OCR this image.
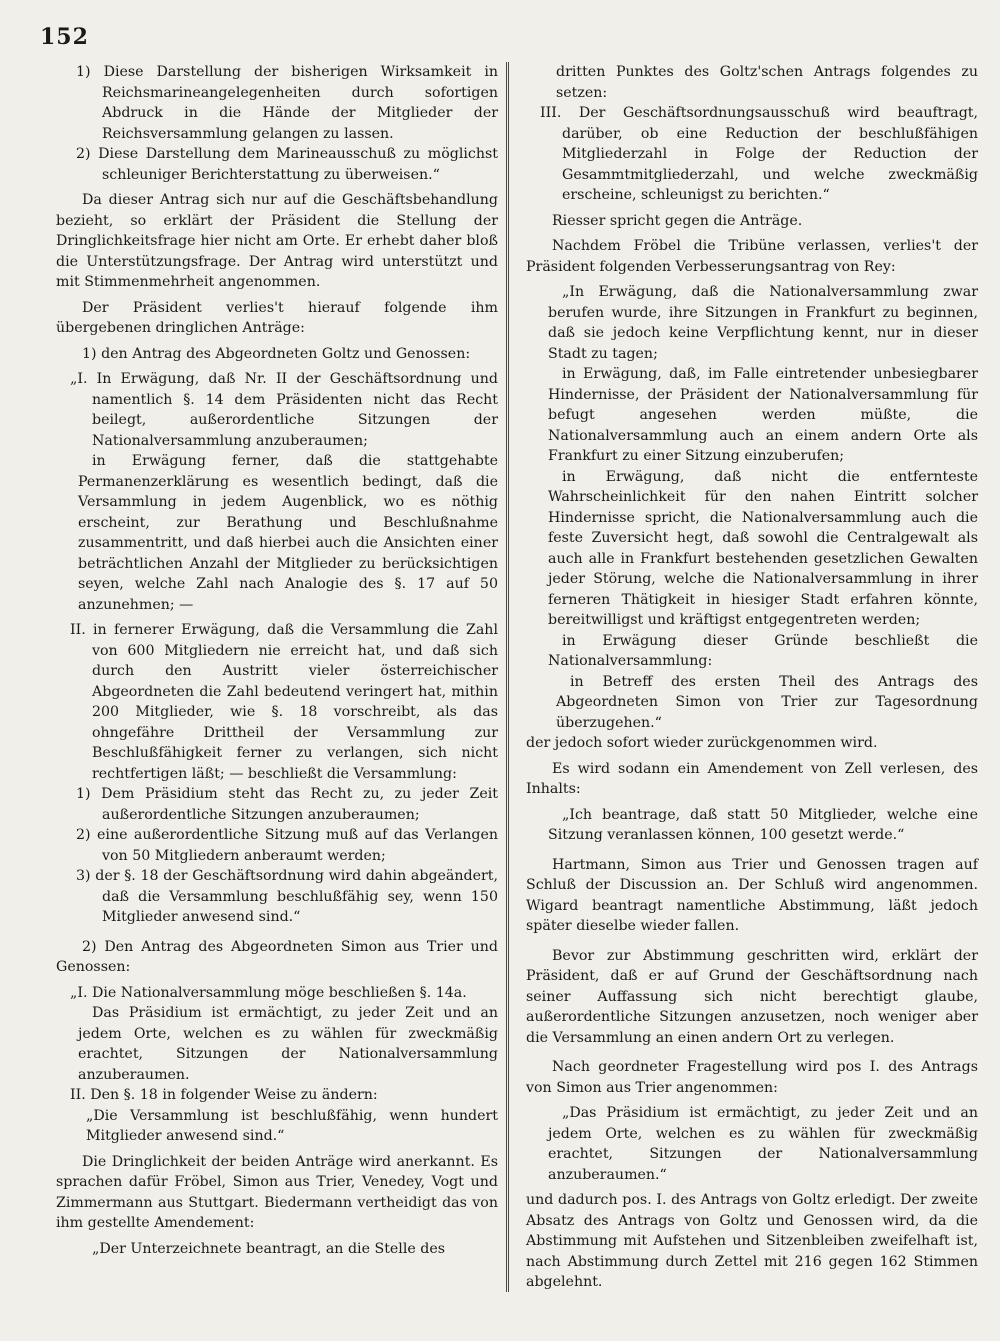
152

1) Diese Darstellung der bisherigen Wirksamkeit in Reichsmarineangelegenheiten durch sofortigen Abdruck in die Hände der Mitglieder der Reichsversammlung gelangen zu lassen.

2) Diese Darstellung dem Marineausschuß zu möglichst schleuniger Berichterstattung zu überweisen.“

Da dieser Antrag sich nur auf die Geschäftsbehandlung bezieht, so erklärt der Präsident die Stellung der Dringlichkeitsfrage hier nicht am Orte. Er erhebt daher bloß die Unterstützungsfrage. Der Antrag wird unterstützt und mit Stimmenmehrheit angenommen.

Der Präsident verlies't hierauf folgende ihm übergebenen dringlichen Anträge:

1) den Antrag des Abgeordneten Goltz und Genossen:

„I. In Erwägung, daß Nr. II der Geschäftsordnung und namentlich §. 14 dem Präsidenten nicht das Recht beilegt, außerordentliche Sitzungen der Nationalversammlung anzuberaumen;

in Erwägung ferner, daß die stattgehabte Permanenzerklärung es wesentlich bedingt, daß die Versammlung in jedem Augenblick, wo es nöthig erscheint, zur Berathung und Beschlußnahme zusammentritt, und daß hierbei auch die Ansichten einer beträchtlichen Anzahl der Mitglieder zu berücksichtigen seyen, welche Zahl nach Analogie des §. 17 auf 50 anzunehmen; —

II. in fernerer Erwägung, daß die Versammlung die Zahl von 600 Mitgliedern nie erreicht hat, und daß sich durch den Austritt vieler österreichischer Abgeordneten die Zahl bedeutend veringert hat, mithin 200 Mitglieder, wie §. 18 vorschreibt, als das ohngefähre Drittheil der Versammlung zur Beschlußfähigkeit ferner zu verlangen, sich nicht rechtfertigen läßt; — beschließt die Versammlung:

1) Dem Präsidium steht das Recht zu, zu jeder Zeit außerordentliche Sitzungen anzuberaumen;

2) eine außerordentliche Sitzung muß auf das Verlangen von 50 Mitgliedern anberaumt werden;

3) der §. 18 der Geschäftsordnung wird dahin abgeändert, daß die Versammlung beschlußfähig sey, wenn 150 Mitglieder anwesend sind.“

2) Den Antrag des Abgeordneten Simon aus Trier und Genossen:

„I. Die Nationalversammlung möge beschließen §. 14a.

Das Präsidium ist ermächtigt, zu jeder Zeit und an jedem Orte, welchen es zu wählen für zweckmäßig erachtet, Sitzungen der Nationalversammlung anzuberaumen.

II. Den §. 18 in folgender Weise zu ändern:

„Die Versammlung ist beschlußfähig, wenn hundert Mitglieder anwesend sind.“

Die Dringlichkeit der beiden Anträge wird anerkannt. Es sprachen dafür Fröbel, Simon aus Trier, Venedey, Vogt und Zimmermann aus Stuttgart. Biedermann vertheidigt das von ihm gestellte Amendement:

„Der Unterzeichnete beantragt, an die Stelle des

dritten Punktes des Goltz'schen Antrags folgendes zu setzen:

III. Der Geschäftsordnungsausschuß wird beauftragt, darüber, ob eine Reduction der beschlußfähigen Mitgliederzahl in Folge der Reduction der Gesammtmitgliederzahl, und welche zweckmäßig erscheine, schleunigst zu berichten.“

Riesser spricht gegen die Anträge.

Nachdem Fröbel die Tribüne verlassen, verlies't der Präsident folgenden Verbesserungsantrag von Rey:

„In Erwägung, daß die Nationalversammlung zwar berufen wurde, ihre Sitzungen in Frankfurt zu beginnen, daß sie jedoch keine Verpflichtung kennt, nur in dieser Stadt zu tagen;

in Erwägung, daß, im Falle eintretender unbesiegbarer Hindernisse, der Präsident der Nationalversammlung für befugt angesehen werden müßte, die Nationalversammlung auch an einem andern Orte als Frankfurt zu einer Sitzung einzuberufen;

in Erwägung, daß nicht die entfernteste Wahrscheinlichkeit für den nahen Eintritt solcher Hindernisse spricht, die Nationalversammlung auch die feste Zuversicht hegt, daß sowohl die Centralgewalt als auch alle in Frankfurt bestehenden gesetzlichen Gewalten jeder Störung, welche die Nationalversammlung in ihrer ferneren Thätigkeit in hiesiger Stadt erfahren könnte, bereitwilligst und kräftigst entgegentreten werden;

in Erwägung dieser Gründe beschließt die Nationalversammlung:

in Betreff des ersten Theil des Antrags des Abgeordneten Simon von Trier zur Tagesordnung überzugehen.“

der jedoch sofort wieder zurückgenommen wird.

Es wird sodann ein Amendement von Zell verlesen, des Inhalts:

„Ich beantrage, daß statt 50 Mitglieder, welche eine Sitzung veranlassen können, 100 gesetzt werde.“

Hartmann, Simon aus Trier und Genossen tragen auf Schluß der Discussion an. Der Schluß wird angenommen. Wigard beantragt namentliche Abstimmung, läßt jedoch später dieselbe wieder fallen.

Bevor zur Abstimmung geschritten wird, erklärt der Präsident, daß er auf Grund der Geschäftsordnung nach seiner Auffassung sich nicht berechtigt glaube, außerordentliche Sitzungen anzusetzen, noch weniger aber die Versammlung an einen andern Ort zu verlegen.

Nach geordneter Fragestellung wird pos I. des Antrags von Simon aus Trier angenommen:

„Das Präsidium ist ermächtigt, zu jeder Zeit und an jedem Orte, welchen es zu wählen für zweckmäßig erachtet, Sitzungen der Nationalversammlung anzuberaumen.“

und dadurch pos. I. des Antrags von Goltz erledigt. Der zweite Absatz des Antrags von Goltz und Genossen wird, da die Abstimmung mit Aufstehen und Sitzenbleiben zweifelhaft ist, nach Abstimmung durch Zettel mit 216 gegen 162 Stimmen abgelehnt.
